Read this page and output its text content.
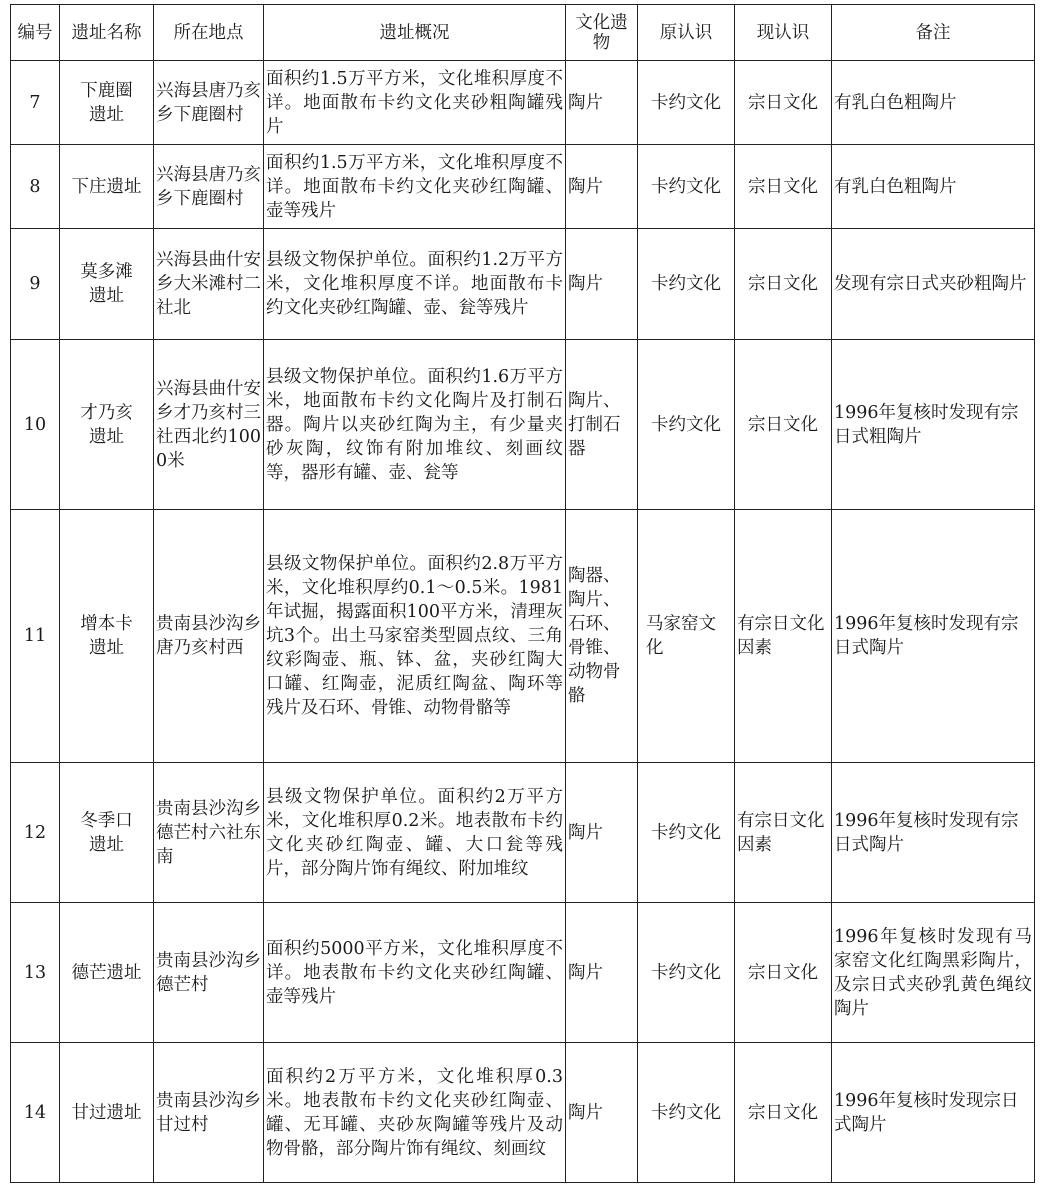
编号	遗址名称	所在地点	遗址概况	文化遗物	原认识	现认识	备注
7	下鹿圈遗址	兴海县唐乃亥乡下鹿圈村	面积约1.5万平方米，文化堆积厚度不详。地面散布卡约文化夹砂粗陶罐残片	陶片	卡约文化	宗日文化	有乳白色粗陶片
8	下庄遗址	兴海县唐乃亥乡下鹿圈村	面积约1.5万平方米，文化堆积厚度不详。地面散布卡约文化夹砂红陶罐、壶等残片	陶片	卡约文化	宗日文化	有乳白色粗陶片
9	莫多滩遗址	兴海县曲什安乡大米滩村二社北	县级文物保护单位。面积约1.2万平方米，文化堆积厚度不详。地面散布卡约文化夹砂红陶罐、壶、瓮等残片	陶片	卡约文化	宗日文化	发现有宗日式夹砂粗陶片
10	才乃亥遗址	兴海县曲什安乡才乃亥村三社西北约1000米	县级文物保护单位。面积约1.6万平方米，地面散布卡约文化陶片及打制石器。陶片以夹砂红陶为主，有少量夹砂灰陶，纹饰有附加堆纹、刻画纹等，器形有罐、壶、瓮等	陶片、打制石器	卡约文化	宗日文化	1996年复核时发现有宗日式粗陶片
11	增本卡遗址	贵南县沙沟乡唐乃亥村西	县级文物保护单位。面积约2.8万平方米，文化堆积厚约0.1～0.5米。1981年试掘，揭露面积100平方米，清理灰坑3个。出土马家窑类型圆点纹、三角纹彩陶壶、瓶、钵、盆，夹砂红陶大口罐、红陶壶，泥质红陶盆、陶环等残片及石环、骨锥、动物骨骼等	陶器、陶片、石环、骨锥、动物骨骼	马家窑文化	有宗日文化因素	1996年复核时发现有宗日式陶片
12	冬季口遗址	贵南县沙沟乡德芒村六社东南	县级文物保护单位。面积约2万平方米，文化堆积厚0.2米。地表散布卡约文化夹砂红陶壶、罐、大口瓮等残片，部分陶片饰有绳纹、附加堆纹	陶片	卡约文化	有宗日文化因素	1996年复核时发现有宗日式陶片
13	德芒遗址	贵南县沙沟乡德芒村	面积约5000平方米，文化堆积厚度不详。地表散布卡约文化夹砂红陶罐、壶等残片	陶片	卡约文化	宗日文化	1996年复核时发现有马家窑文化红陶黑彩陶片，及宗日式夹砂乳黄色绳纹陶片
14	甘过遗址	贵南县沙沟乡甘过村	面积约2万平方米，文化堆积厚0.3米。地表散布卡约文化夹砂红陶壶、罐、无耳罐、夹砂灰陶罐等残片及动物骨骼，部分陶片饰有绳纹、刻画纹	陶片	卡约文化	宗日文化	1996年复核时发现宗日式陶片
